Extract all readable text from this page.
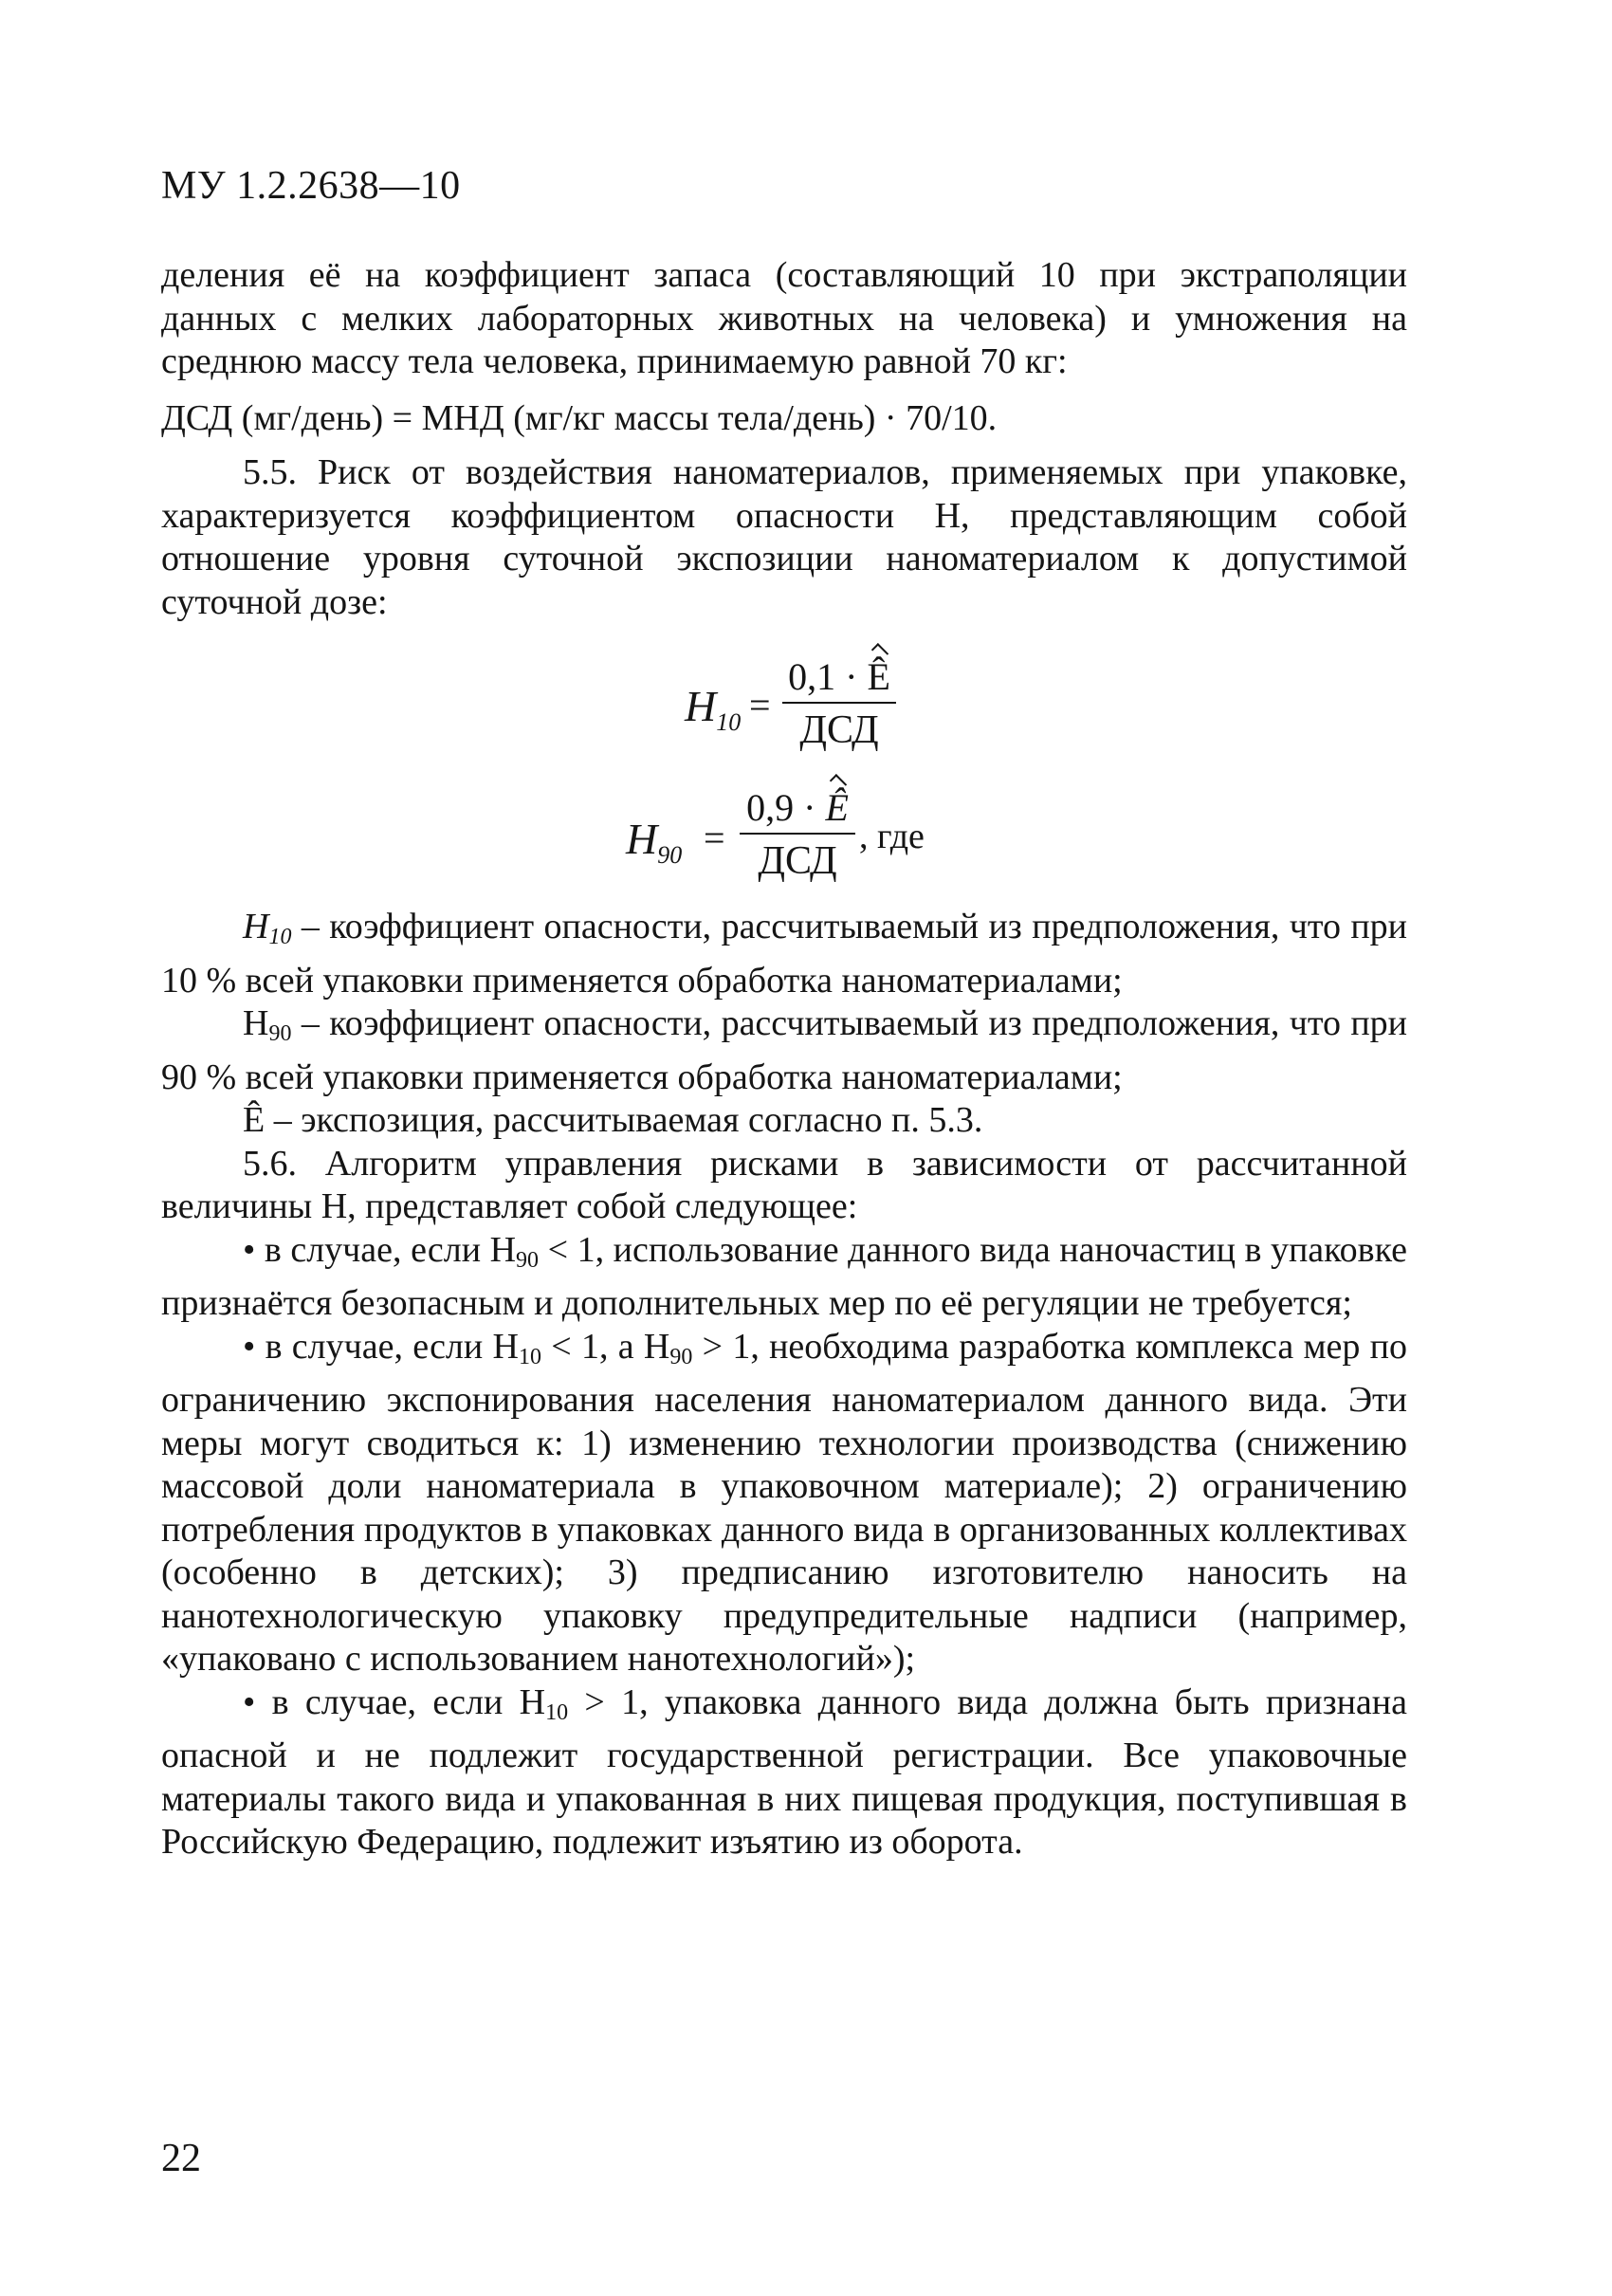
МУ 1.2.2638—10

деления её на коэффициент запаса (составляющий 10 при экстраполяции данных с мелких лабораторных животных на человека) и умножения на среднюю массу тела человека, принимаемую равной 70 кг:

ДСД (мг/день) = МНД (мг/кг массы тела/день) · 70/10.

5.5. Риск от воздействия наноматериалов, применяемых при упаковке, характеризуется коэффициентом опасности H, представляющим собой отношение уровня суточной экспозиции наноматериалом к допустимой суточной дозе:

$H_{10}$ =
0,1 · Ê
ДСД
$H_{90}$ =
0,9 · Ê
ДСД
, где

$H_{10}$ – коэффициент опасности, рассчитываемый из предположения, что при 10 % всей упаковки применяется обработка наноматериалами;

$H_{90}$ – коэффициент опасности, рассчитываемый из предположения, что при 90 % всей упаковки применяется обработка наноматериалами;

Ê – экспозиция, рассчитываемая согласно п. 5.3.

5.6. Алгоритм управления рисками в зависимости от рассчитанной величины H, представляет собой следующее:

• в случае, если $H_{90} < 1$, использование данного вида наночастиц в упаковке признаётся безопасным и дополнительных мер по её регуляции не требуется;

• в случае, если $H_{10} < 1$, а $H_{90} > 1$, необходима разработка комплекса мер по ограничению экспонирования населения наноматериалом данного вида. Эти меры могут сводиться к: 1) изменению технологии производства (снижению массовой доли наноматериала в упаковочном материале); 2) ограничению потребления продуктов в упаковках данного вида в организованных коллективах (особенно в детских); 3) предписанию изготовителю наносить на нанотехнологическую упаковку предупредительные надписи (например, «упаковано с использованием нанотехнологий»);

• в случае, если $H_{10} > 1$, упаковка данного вида должна быть признана опасной и не подлежит государственной регистрации. Все упаковочные материалы такого вида и упакованная в них пищевая продукция, поступившая в Российскую Федерацию, подлежит изъятию из оборота.

22
